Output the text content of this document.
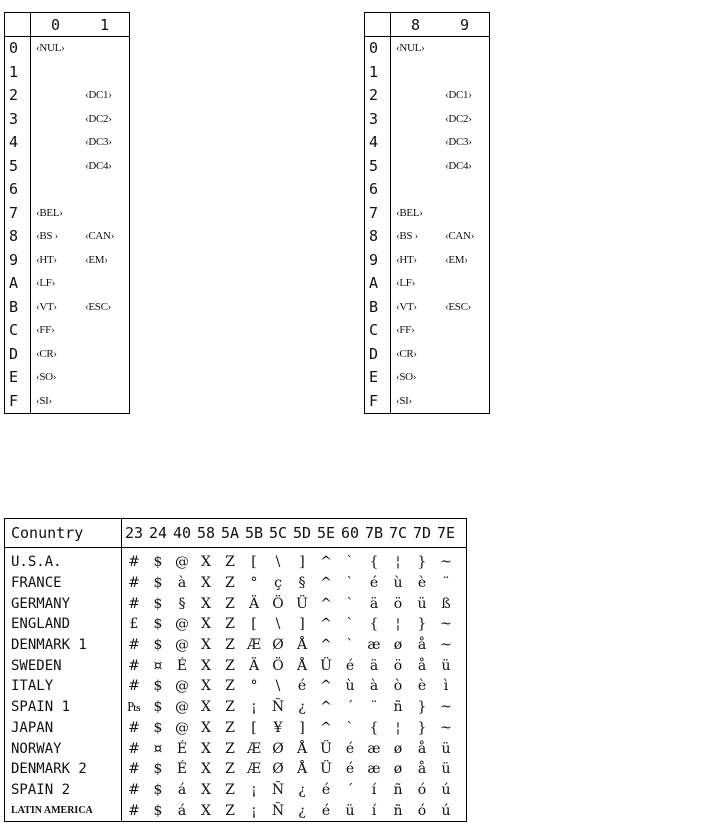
	0	1
0	‹NUL›	
1		
2		‹DC1›
3		‹DC2›
4		‹DC3›
5		‹DC4›
6		
7	‹BEL›	
8	‹BS ›	‹CAN›
9	‹HT›	‹EM›
A	‹LF›	
B	‹VT›	‹ESC›
C	‹FF›	
D	‹CR›	
E	‹SO›	
F	‹SI›	
	8	9
0	‹NUL›	
1		
2		‹DC1›
3		‹DC2›
4		‹DC3›
5		‹DC4›
6		
7	‹BEL›	
8	‹BS ›	‹CAN›
9	‹HT›	‹EM›
A	‹LF›	
B	‹VT›	‹ESC›
C	‹FF›	
D	‹CR›	
E	‹SO›	
F	‹SI›	
Conuntry	23	24	40	58	5A	5B	5C	5D	5E	60	7B	7C	7D	7E	
U.S.A.	#	$	@	X	Z	[	\	]	^	`	{	¦	}	~	
FRANCE	#	$	à	X	Z	°	ç	§	^	`	é	ù	è	¨	
GERMANY	#	$	§	X	Z	Ä	Ö	Ü	^	`	ä	ö	ü	ß	
ENGLAND	£	$	@	X	Z	[	\	]	^	`	{	¦	}	~	
DENMARK 1	#	$	@	X	Z	Æ	Ø	Å	^	`	æ	ø	å	~	
SWEDEN	#	¤	É	X	Z	Ä	Ö	Å	Ü	é	ä	ö	å	ü	
ITALY	#	$	@	X	Z	°	\	é	^	ù	à	ò	è	ì	
SPAIN 1	₧	$	@	X	Z	¡	Ñ	¿	^	´	¨	ñ	}	~	
JAPAN	#	$	@	X	Z	[	¥	]	^	`	{	¦	}	~	
NORWAY	#	¤	É	X	Z	Æ	Ø	Å	Ü	é	æ	ø	å	ü	
DENMARK 2	#	$	É	X	Z	Æ	Ø	Å	Ü	é	æ	ø	å	ü	
SPAIN 2	#	$	á	X	Z	¡	Ñ	¿	é	´	í	ñ	ó	ú	
LATIN AMERICA	#	$	á	X	Z	¡	Ñ	¿	é	ü	í	ñ	ó	ú	
